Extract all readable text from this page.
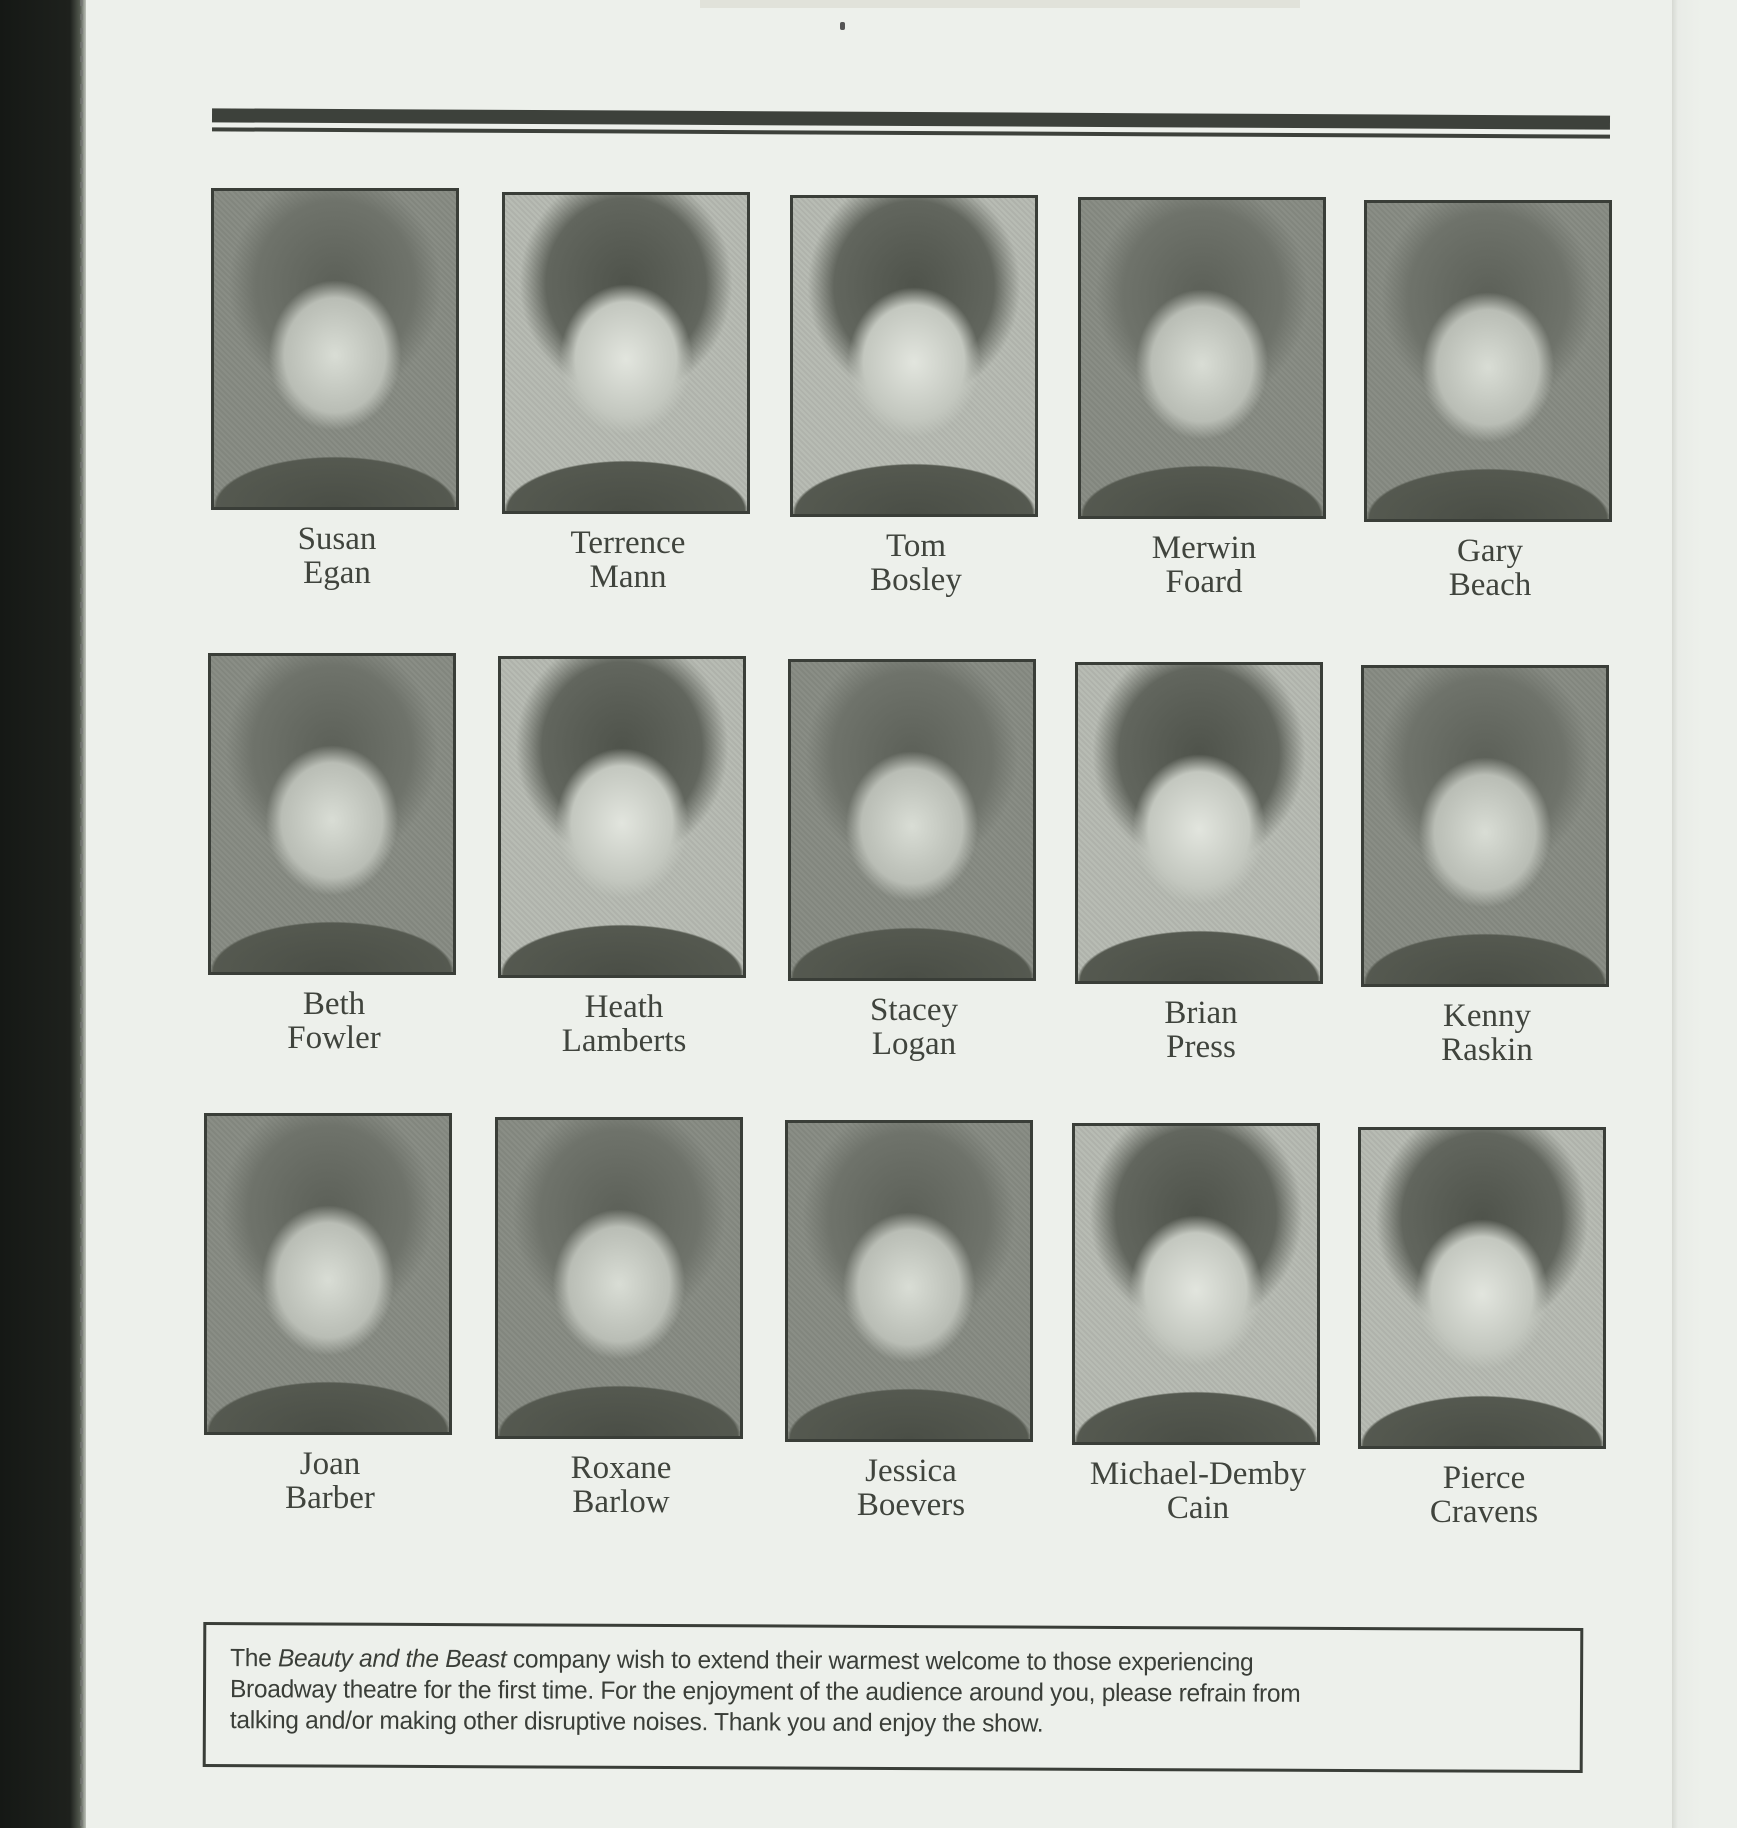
Susan
Egan
Terrence
Mann
Tom
Bosley
Merwin
Foard
Gary
Beach
Beth
Fowler
Heath
Lamberts
Stacey
Logan
Brian
Press
Kenny
Raskin
Joan
Barber
Roxane
Barlow
Jessica
Boevers
Michael-Demby
Cain
Pierce
Cravens
The Beauty and the Beast company wish to extend their warmest welcome to those experiencing
Broadway theatre for the first time. For the enjoyment of the audience around you, please refrain from
talking and/or making other disruptive noises. Thank you and enjoy the show.
